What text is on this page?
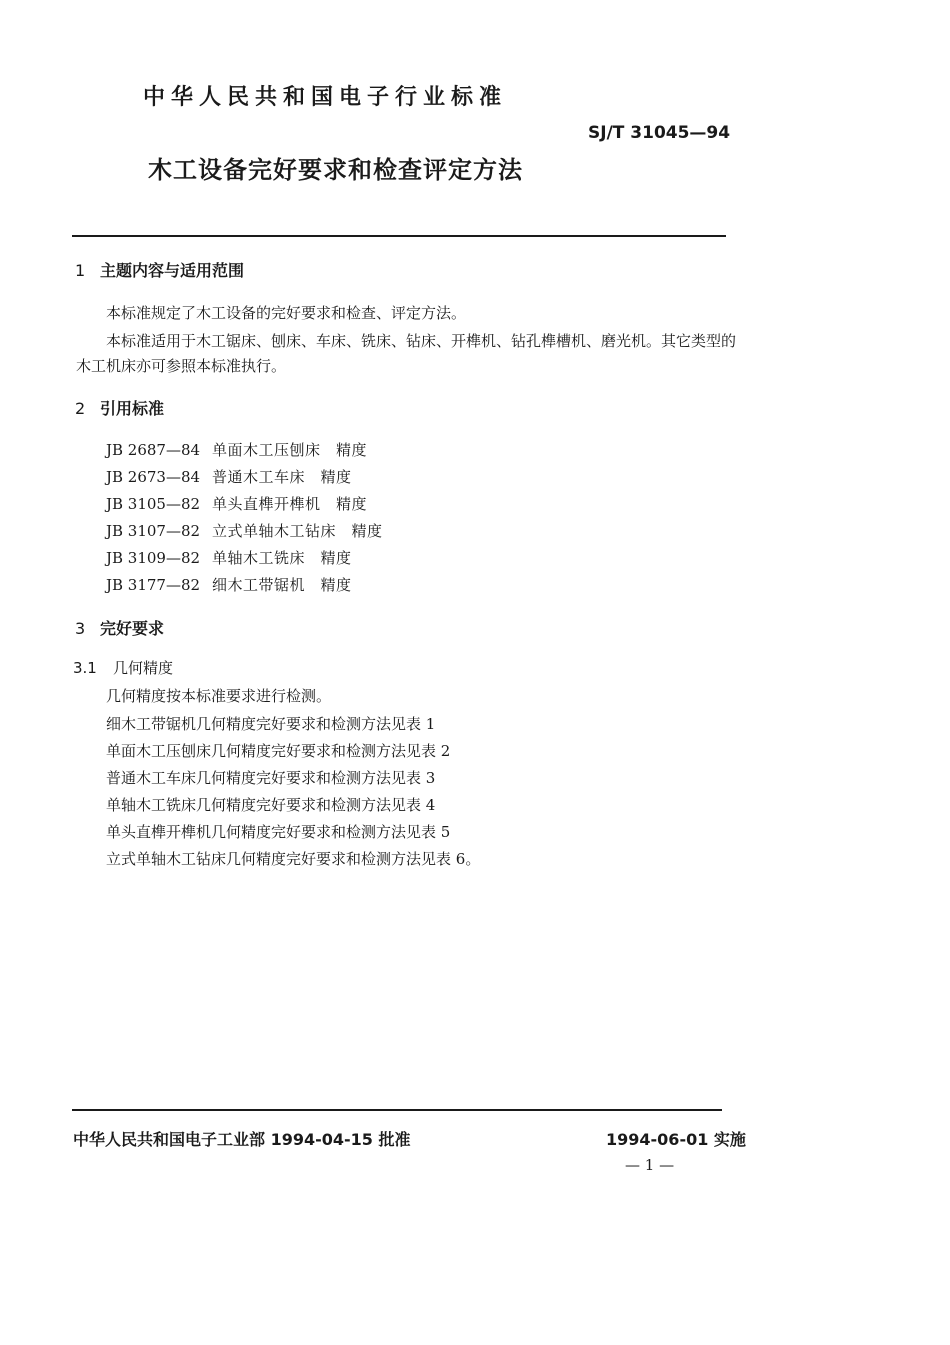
中华人民共和国电子行业标准
SJ/T 31045—94
木工设备完好要求和检查评定方法
1 主题内容与适用范围
本标准规定了木工设备的完好要求和检查、评定方法。
本标准适用于木工锯床、刨床、车床、铣床、钻床、开榫机、钻孔榫槽机、磨光机。其它类型的
木工机床亦可参照本标准执行。
2 引用标准
JB 2687—84 单面木工压刨床　精度
JB 2673—84 普通木工车床　精度
JB 3105—82 单头直榫开榫机　精度
JB 3107—82 立式单轴木工钻床　精度
JB 3109—82 单轴木工铣床　精度
JB 3177—82 细木工带锯机　精度
3 完好要求
3.1 几何精度
几何精度按本标准要求进行检测。
细木工带锯机几何精度完好要求和检测方法见表 1
单面木工压刨床几何精度完好要求和检测方法见表 2
普通木工车床几何精度完好要求和检测方法见表 3
单轴木工铣床几何精度完好要求和检测方法见表 4
单头直榫开榫机几何精度完好要求和检测方法见表 5
立式单轴木工钻床几何精度完好要求和检测方法见表 6。
中华人民共和国电子工业部 1994-04-15 批准	1994-06-01 实施
— 1 —
